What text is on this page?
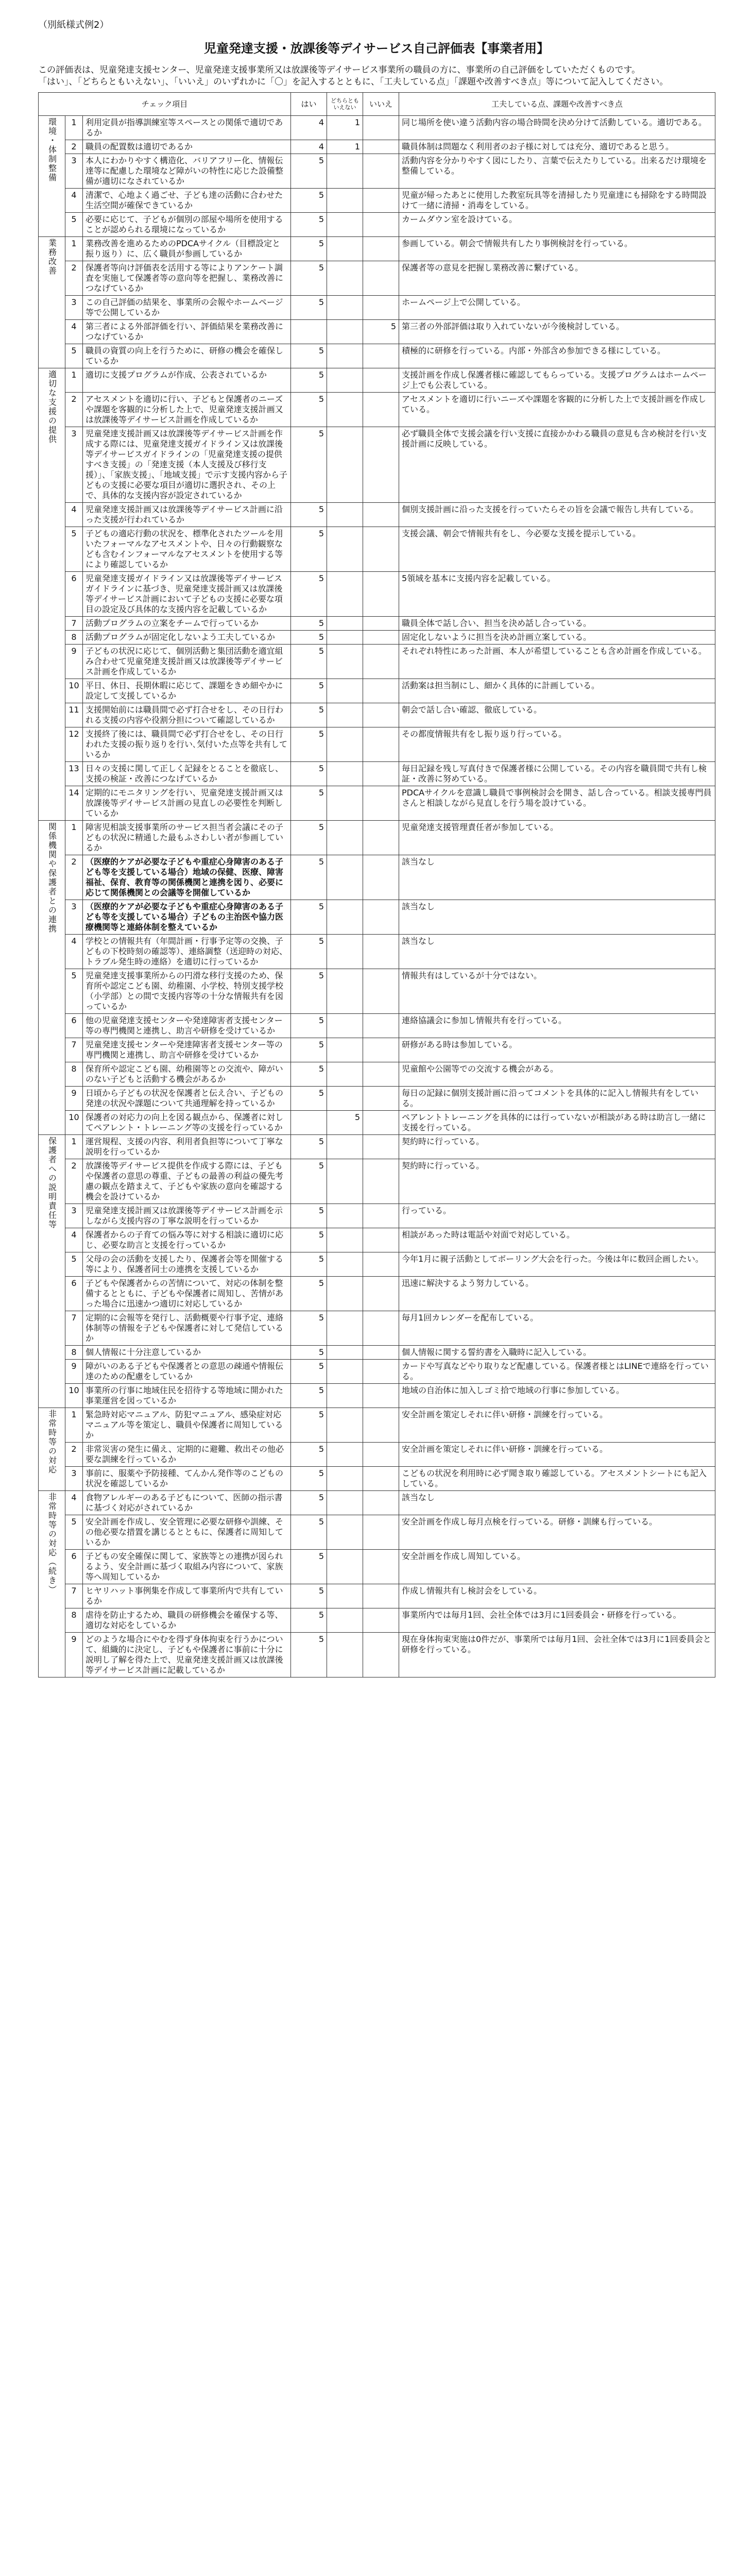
（別紙様式例2）
児童発達支援・放課後等デイサービス自己評価表【事業者用】

この評価表は、児童発達支援センター、児童発達支援事業所又は放課後等デイサービス事業所の職員の方に、事業所の自己評価をしていただくものです。

「はい」、「どちらともいえない」、「いいえ」のいずれかに「〇」を記入するとともに、「工夫している点」「課題や改善すべき点」等について記入してください。

チェック項目			はい	どちらともいえない	いいえ	工夫している点、課題や改善すべき点
環境・体制整備	1	利用定員が指導訓練室等スペースとの関係で適切であるか	4	1		同じ場所を使い違う活動内容の場合時間を決め分けて活動している。適切である。
	2	職員の配置数は適切であるか	4	1		職員体制は問題なく利用者のお子様に対しては充分、適切であると思う。
	3	本人にわかりやすく構造化、バリアフリー化、情報伝達等に配慮した環境など障がいの特性に応じた設備整備が適切になされているか	5			活動内容を分かりやすく図にしたり、言葉で伝えたりしている。出来るだけ環境を整備している。
	4	清潔で、心地よく過ごせ、子ども達の活動に合わせた生活空間が確保できているか	5			児童が帰ったあとに使用した教室玩具等を清掃したり児童達にも掃除をする時間設けて一緒に清掃・消毒をしている。
	5	必要に応じて、子どもが個別の部屋や場所を使用することが認められる環境になっているか	5			カームダウン室を設けている。
業務改善	1	業務改善を進めるためのPDCAサイクル（目標設定と振り返り）に、広く職員が参画しているか	5			参画している。朝会で情報共有したり事例検討を行っている。
	2	保護者等向け評価表を活用する等によりアンケート調査を実施して保護者等の意向等を把握し、業務改善につなげているか	5			保護者等の意見を把握し業務改善に繋げている。
	3	この自己評価の結果を、事業所の会報やホームページ等で公開しているか	5			ホームページ上で公開している。
	4	第三者による外部評価を行い、評価結果を業務改善につなげているか			5	第三者の外部評価は取り入れていないが今後検討している。
	5	職員の資質の向上を行うために、研修の機会を確保しているか	5			積極的に研修を行っている。内部・外部含め参加できる様にしている。
適切な支援の提供	1	適切に支援プログラムが作成、公表されているか	5			支援計画を作成し保護者様に確認してもらっている。支援プログラムはホームページ上でも公表している。
	2	アセスメントを適切に行い、子どもと保護者のニーズや課題を客観的に分析した上で、児童発達支援計画又は放課後等デイサービス計画を作成しているか	5			アセスメントを適切に行いニーズや課題を客観的に分析した上で支援計画を作成している。
	3	児童発達支援計画又は放課後等デイサービス計画を作成する際には、児童発達支援ガイドライン又は放課後等デイサービスガイドラインの「児童発達支援の提供すべき支援」の「発達支援（本人支援及び移行支援）」、「家族支援」、「地域支援」で示す支援内容から子どもの支援に必要な項目が適切に選択され、その上で、具体的な支援内容が設定されているか	5			必ず職員全体で支援会議を行い支援に直接かかわる職員の意見も含め検討を行い支援計画に反映している。
	4	児童発達支援計画又は放課後等デイサービス計画に沿った支援が行われているか	5			個別支援計画に沿った支援を行っていたらその旨を会議で報告し共有している。
	5	子どもの適応行動の状況を、標準化されたツールを用いたフォーマルなアセスメントや、日々の行動観察なども含むインフォーマルなアセスメントを使用する等により確認しているか	5			支援会議、朝会で情報共有をし、今必要な支援を提示している。
	6	児童発達支援ガイドライン又は放課後等デイサービスガイドラインに基づき、児童発達支援計画又は放課後等デイサービス計画において子どもの支援に必要な項目の設定及び具体的な支援内容を記載しているか	5			5領域を基本に支援内容を記載している。
	7	活動プログラムの立案をチームで行っているか	5			職員全体で話し合い、担当を決め話し合っている。
	8	活動プログラムが固定化しないよう工夫しているか	5			固定化しないように担当を決め計画立案している。
	9	子どもの状況に応じて、個別活動と集団活動を適宜組み合わせて児童発達支援計画又は放課後等デイサービス計画を作成しているか	5			それぞれ特性にあった計画、本人が希望していることも含め計画を作成している。
	10	平日、休日、長期休暇に応じて、課題をきめ細やかに設定して支援しているか	5			活動案は担当制にし、細かく具体的に計画している。
	11	支援開始前には職員間で必ず打合せをし、その日行われる支援の内容や役割分担について確認しているか	5			朝会で話し合い確認、徹底している。
	12	支援終了後には、職員間で必ず打合せをし、その日行われた支援の振り返りを行い､気付いた点等を共有しているか	5			その都度情報共有をし振り返り行っている。
	13	日々の支援に関して正しく記録をとることを徹底し、支援の検証・改善につなげているか	5			毎日記録を残し写真付きで保護者様に公開している。その内容を職員間で共有し検証・改善に努めている。
	14	定期的にモニタリングを行い、児童発達支援計画又は放課後等デイサービス計画の見直しの必要性を判断しているか	5			PDCAサイクルを意識し職員で事例検討会を開き、話し合っている。相談支援専門員さんと相談しながら見直しを行う場を設けている。
関係機関や保護者との連携	1	障害児相談支援事業所のサービス担当者会議にその子どもの状況に精通した最もふさわしい者が参画しているか	5			児童発達支援管理責任者が参加している。
	2	（医療的ケアが必要な子どもや重症心身障害のある子ども等を支援している場合）地域の保健、医療、障害福祉、保育、教育等の関係機関と連携を図り、必要に応じて関係機関との会議等を開催しているか	5			該当なし
	3	（医療的ケアが必要な子どもや重症心身障害のある子ども等を支援している場合）子どもの主治医や協力医療機関等と連絡体制を整えているか	5			該当なし
	4	学校との情報共有（年間計画・行事予定等の交換、子どもの下校時刻の確認等）、連絡調整（送迎時の対応、トラブル発生時の連絡）を適切に行っているか	5			該当なし
	5	児童発達支援事業所からの円滑な移行支援のため、保育所や認定こども園、幼稚園、小学校、特別支援学校（小学部）との間で支援内容等の十分な情報共有を図っているか	5			情報共有はしているが十分ではない。
	6	他の児童発達支援センターや発達障害者支援センター等の専門機関と連携し、助言や研修を受けているか	5			連絡協議会に参加し情報共有を行っている。
	7	児童発達支援センターや発達障害者支援センター等の専門機関と連携し、助言や研修を受けているか	5			研修がある時は参加している。
	8	保育所や認定こども園、幼稚園等との交流や、障がいのない子どもと活動する機会があるか	5			児童館や公園等での交流する機会がある。
	9	日頃から子どもの状況を保護者と伝え合い、子どもの発達の状況や課題について共通理解を持っているか	5			毎日の記録に個別支援計画に沿ってコメントを具体的に記入し情報共有をしている。
	10	保護者の対応力の向上を図る観点から、保護者に対してペアレント・トレーニング等の支援を行っているか		5		ペアレントトレーニングを具体的には行っていないが相談がある時は助言し一緒に支援を行っている。
保護者への説明責任等	1	運営規程、支援の内容、利用者負担等について丁寧な説明を行っているか	5			契約時に行っている。
	2	放課後等デイサービス提供を作成する際には、子どもや保護者の意思の尊重、子どもの最善の利益の優先考慮の観点を踏まえて、子どもや家族の意向を確認する機会を設けているか	5			契約時に行っている。
	3	児童発達支援計画又は放課後等デイサービス計画を示しながら支援内容の丁寧な説明を行っているか	5			行っている。
	4	保護者からの子育ての悩み等に対する相談に適切に応じ、必要な助言と支援を行っているか	5			相談があった時は電話や対面で対応している。
	5	父母の会の活動を支援したり、保護者会等を開催する等により、保護者同士の連携を支援しているか	5			今年1月に親子活動としてボーリング大会を行った。今後は年に数回企画したい。
	6	子どもや保護者からの苦情について、対応の体制を整備するとともに、子どもや保護者に周知し、苦情があった場合に迅速かつ適切に対応しているか	5			迅速に解決するよう努力している。
	7	定期的に会報等を発行し、活動概要や行事予定、連絡体制等の情報を子どもや保護者に対して発信しているか	5			毎月1回カレンダーを配布している。
	8	個人情報に十分注意しているか	5			個人情報に関する誓約書を入職時に記入している。
	9	障がいのある子どもや保護者との意思の疎通や情報伝達のための配慮をしているか	5			カードや写真などやり取りなど配慮している。保護者様とはLINEで連絡を行っている。
	10	事業所の行事に地域住民を招待する等地域に開かれた事業運営を図っているか	5			地域の自治体に加入しゴミ拾で地域の行事に参加している。
非常時等の対応	1	緊急時対応マニュアル、防犯マニュアル、感染症対応マニュアル等を策定し、職員や保護者に周知しているか	5			安全計画を策定しそれに伴い研修・訓練を行っている。
	2	非常災害の発生に備え、定期的に避難、救出その他必要な訓練を行っているか	5			安全計画を策定しそれに伴い研修・訓練を行っている。
	3	事前に、服薬や予防接種、てんかん発作等のこどもの状況を確認しているか	5			こどもの状況を利用時に必ず聞き取り確認している。アセスメントシートにも記入している。
非常時等の対応（続き）	4	食物アレルギーのある子どもについて、医師の指示書に基づく対応がされているか	5			該当なし
	5	安全計画を作成し、安全管理に必要な研修や訓練、その他必要な措置を講じるとともに、保護者に周知しているか	5			安全計画を作成し毎月点検を行っている。研修・訓練も行っている。
	6	子どもの安全確保に関して、家族等との連携が図られるよう、安全計画に基づく取組み内容について、家族等へ周知しているか	5			安全計画を作成し周知している。
	7	ヒヤリハット事例集を作成して事業所内で共有しているか	5			作成し情報共有し検討会をしている。
	8	虐待を防止するため、職員の研修機会を確保する等、適切な対応をしているか	5			事業所内では毎月1回、会社全体では3月に1回委員会・研修を行っている。
	9	どのような場合にやむを得ず身体拘束を行うかについて、組織的に決定し、子どもや保護者に事前に十分に説明し了解を得た上で、児童発達支援計画又は放課後等デイサービス計画に記載しているか	5			現在身体拘束実施は0件だが、事業所では毎月1回、会社全体では3月に1回委員会と研修を行っている。
